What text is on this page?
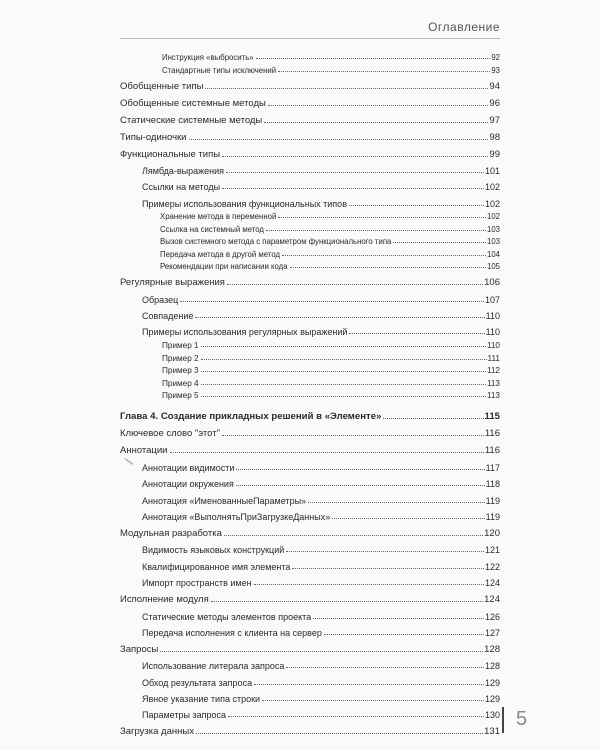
Оглавление
Инструкция «выбросить»	92
Стандартные типы исключений	93
Обобщенные типы	94
Обобщенные системные методы	96
Статические системные методы	97
Типы-одиночки	98
Функциональные типы	99
Лямбда-выражения	101
Ссылки на методы	102
Примеры использования функциональных типов	102
Хранение метода в переменной	102
Ссылка на системный метод	103
Вызов системного метода с параметром функционального типа	103
Передача метода в другой метод	104
Рекомендации при написании кода	105
Регулярные выражения	106
Образец	107
Совпадение	110
Примеры использования регулярных выражений	110
Пример 1	110
Пример 2	111
Пример 3	112
Пример 4	113
Пример 5	113
Глава 4. Создание прикладных решений в «Элементе»	115
Ключевое слово "этот"	116
Аннотации	116
Аннотации видимости	117
Аннотации окружения	118
Аннотация «ИменованныеПараметры»	119
Аннотация «ВыполнятьПриЗагрузкеДанных»	119
Модульная разработка	120
Видимость языковых конструкций	121
Квалифицированное имя элемента	122
Импорт пространств имен	124
Исполнение модуля	124
Статические методы элементов проекта	126
Передача исполнения с клиента на сервер	127
Запросы	128
Использование литерала запроса	128
Обход результата запроса	129
Явное указание типа строки	129
Параметры запроса	130
Загрузка данных	131
5
